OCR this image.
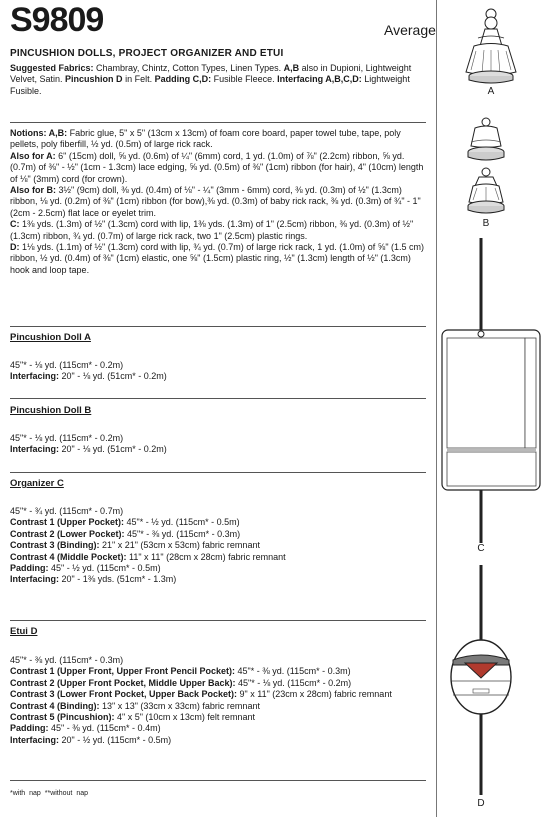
S9809	Average
PINCUSHION DOLLS, PROJECT ORGANIZER AND ETUI

Suggested Fabrics: Chambray, Chintz, Cotton Types, Linen Types. A,B also in Dupioni, Lightweight Velvet, Satin. Pincushion D in Felt. Padding C,D: Fusible Fleece. Interfacing A,B,C,D: Lightweight Fusible.

Notions: A,B: Fabric glue, 5" x 5" (13cm x 13cm) of foam core board, paper towel tube, tape, poly pellets, poly fiberfill, ½ yd. (0.5m) of large rick rack.

Also for A: 6" (15cm) doll, ⅝ yd. (0.6m) of ¼" (6mm) cord, 1 yd. (1.0m) of ⅞" (2.2cm) ribbon, ⅝ yd. (0.7m) of ⅜" - ½" (1cm - 1.3cm) lace edging, ⅝ yd. (0.5m) of ⅜" (1cm) ribbon (for hair), 4" (10cm) length of ⅛" (3mm) cord (for crown).

Also for B: 3½" (9cm) doll, ⅜ yd. (0.4m) of ⅛" - ¼" (3mm - 6mm) cord, ⅜ yd. (0.3m) of ½" (1.3cm) ribbon, ⅛ yd. (0.2m) of ⅜" (1cm) ribbon (for bow),⅜ yd. (0.3m) of baby rick rack, ⅜ yd. (0.3m) of ¾" - 1" (2cm - 2.5cm) flat lace or eyelet trim.

C: 1⅜ yds. (1.3m) of ½" (1.3cm) cord with lip, 1⅜ yds. (1.3m) of 1" (2.5cm) ribbon, ⅜ yd. (0.3m) of ½" (1.3cm) ribbon, ¾ yd. (0.7m) of large rick rack, two 1" (2.5cm) plastic rings.

D: 1⅛ yds. (1.1m) of ½" (1.3cm) cord with lip, ¾ yd. (0.7m) of large rick rack, 1 yd. (1.0m) of ⅝" (1.5 cm) ribbon, ½ yd. (0.4m) of ⅜" (1cm) elastic, one ⅝" (1.5cm) plastic ring, ½" (1.3cm) length of ½" (1.3cm) hook and loop tape.

Pincushion Doll A

45"* - ⅛ yd. (115cm* - 0.2m)

Interfacing: 20" - ⅛ yd. (51cm* - 0.2m)

Pincushion Doll B

45"* - ⅛ yd. (115cm* - 0.2m)

Interfacing: 20" - ⅛ yd. (51cm* - 0.2m)

Organizer C

45"* - ¾ yd. (115cm* - 0.7m)

Contrast 1 (Upper Pocket): 45"* - ½ yd. (115cm* - 0.5m)

Contrast 2 (Lower Pocket): 45"* - ⅜ yd. (115cm* - 0.3m)

Contrast 3 (Binding): 21" x 21" (53cm x 53cm) fabric remnant

Contrast 4 (Middle Pocket): 11" x 11" (28cm x 28cm) fabric remnant

Padding: 45" - ½ yd. (115cm* - 0.5m)

Interfacing: 20" - 1⅜ yds. (51cm* - 1.3m)

Etui D

45"* - ⅜ yd. (115cm* - 0.3m)

Contrast 1 (Upper Front, Upper Front Pencil Pocket): 45"* - ⅜ yd. (115cm* - 0.3m)

Contrast 2 (Upper Front Pocket, Middle Upper Back): 45"* - ⅛ yd. (115cm* - 0.2m)

Contrast 3 (Lower Front Pocket, Upper Back Pocket): 9" x 11" (23cm x 28cm) fabric remnant

Contrast 4 (Binding): 13" x 13" (33cm x 33cm) fabric remnant

Contrast 5 (Pincushion): 4" x 5" (10cm x 13cm) felt remnant

Padding: 45" - ⅜ yd. (115cm* - 0.4m)

Interfacing: 20" - ½ yd. (115cm* - 0.5m)

*with nap **without nap
A
B
C
D
